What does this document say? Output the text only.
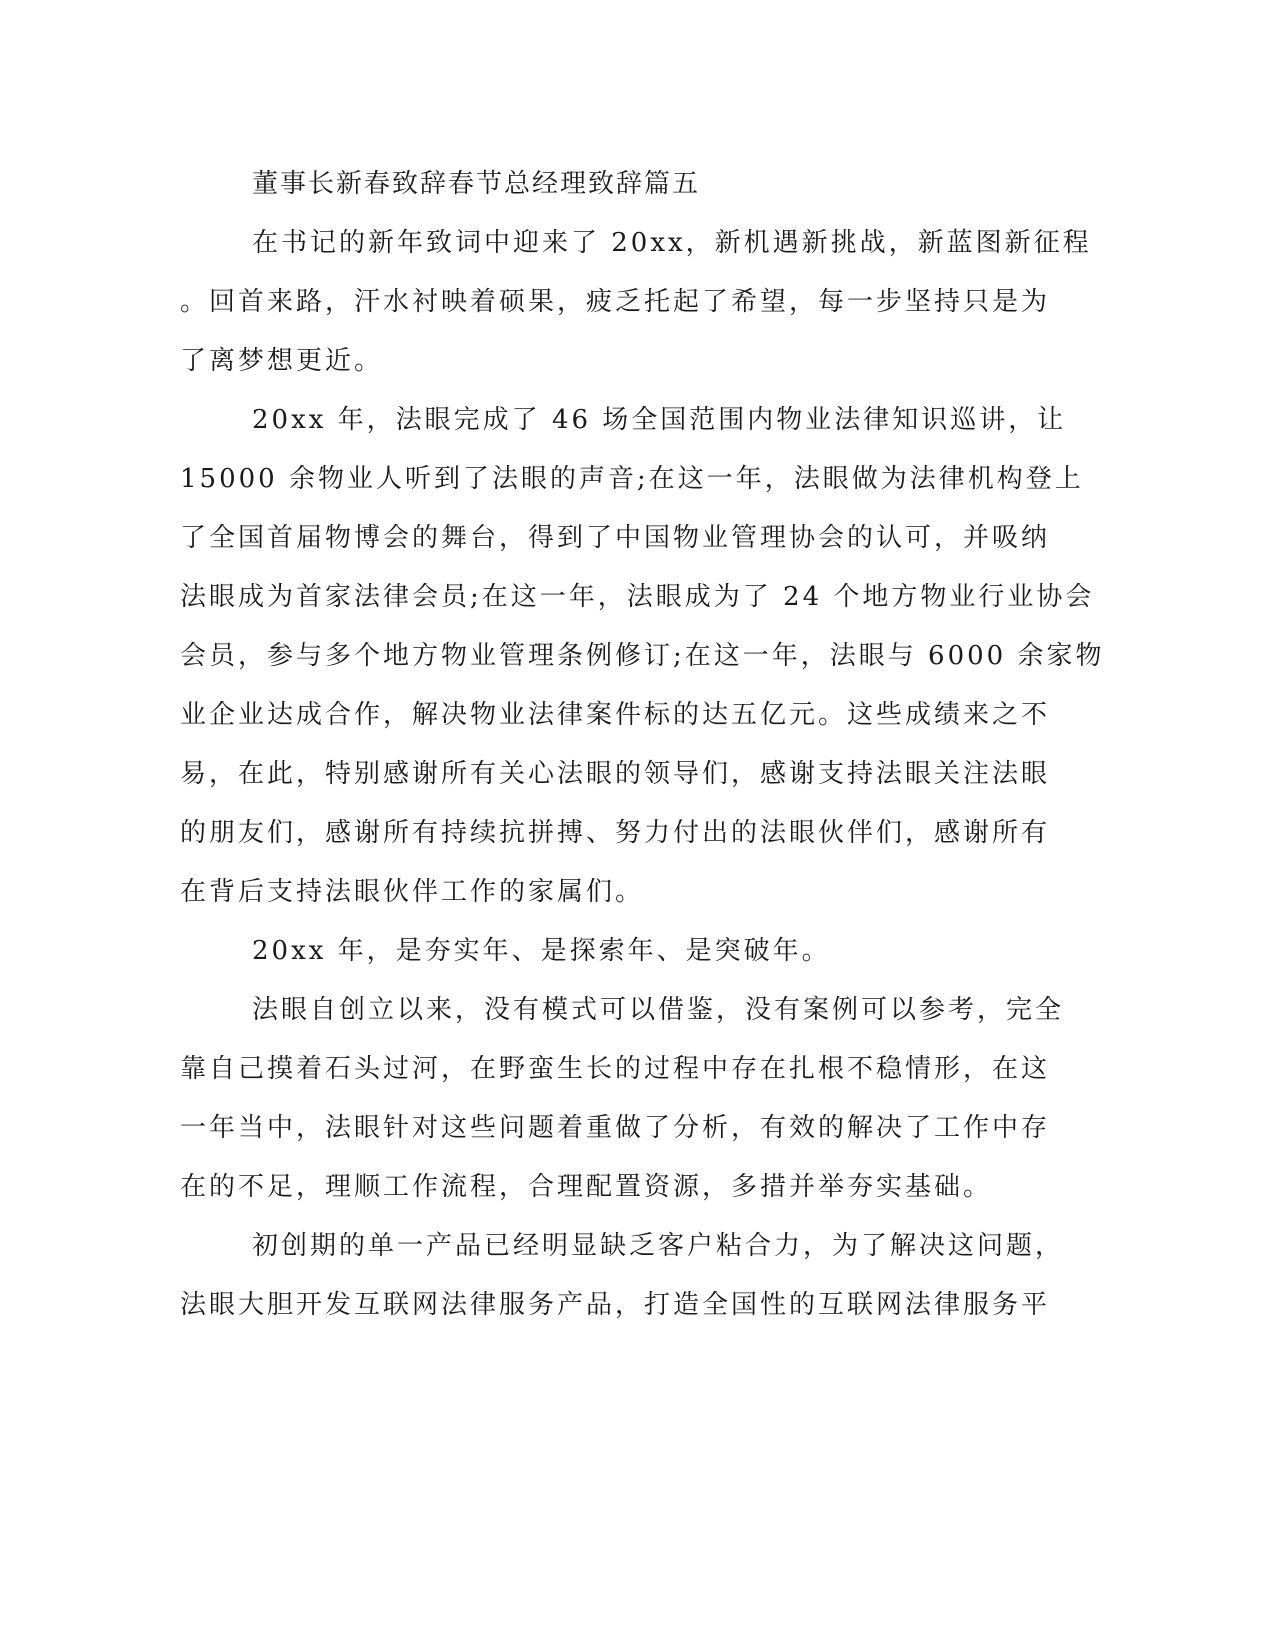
董事长新春致辞春节总经理致辞篇五
在书记的新年致词中迎来了 20xx，新机遇新挑战，新蓝图新征程
。回首来路，汗水衬映着硕果，疲乏托起了希望，每一步坚持只是为
了离梦想更近。
20xx 年，法眼完成了 46 场全国范围内物业法律知识巡讲，让
15000 余物业人听到了法眼的声音;在这一年，法眼做为法律机构登上
了全国首届物博会的舞台，得到了中国物业管理协会的认可，并吸纳
法眼成为首家法律会员;在这一年，法眼成为了 24 个地方物业行业协会
会员，参与多个地方物业管理条例修订;在这一年，法眼与 6000 余家物
业企业达成合作，解决物业法律案件标的达五亿元。这些成绩来之不
易，在此，特别感谢所有关心法眼的领导们，感谢支持法眼关注法眼
的朋友们，感谢所有持续抗拼搏、努力付出的法眼伙伴们，感谢所有
在背后支持法眼伙伴工作的家属们。
20xx 年，是夯实年、是探索年、是突破年。
法眼自创立以来，没有模式可以借鉴，没有案例可以参考，完全
靠自己摸着石头过河，在野蛮生长的过程中存在扎根不稳情形，在这
一年当中，法眼针对这些问题着重做了分析，有效的解决了工作中存
在的不足，理顺工作流程，合理配置资源，多措并举夯实基础。
初创期的单一产品已经明显缺乏客户粘合力，为了解决这问题，
法眼大胆开发互联网法律服务产品，打造全国性的互联网法律服务平
